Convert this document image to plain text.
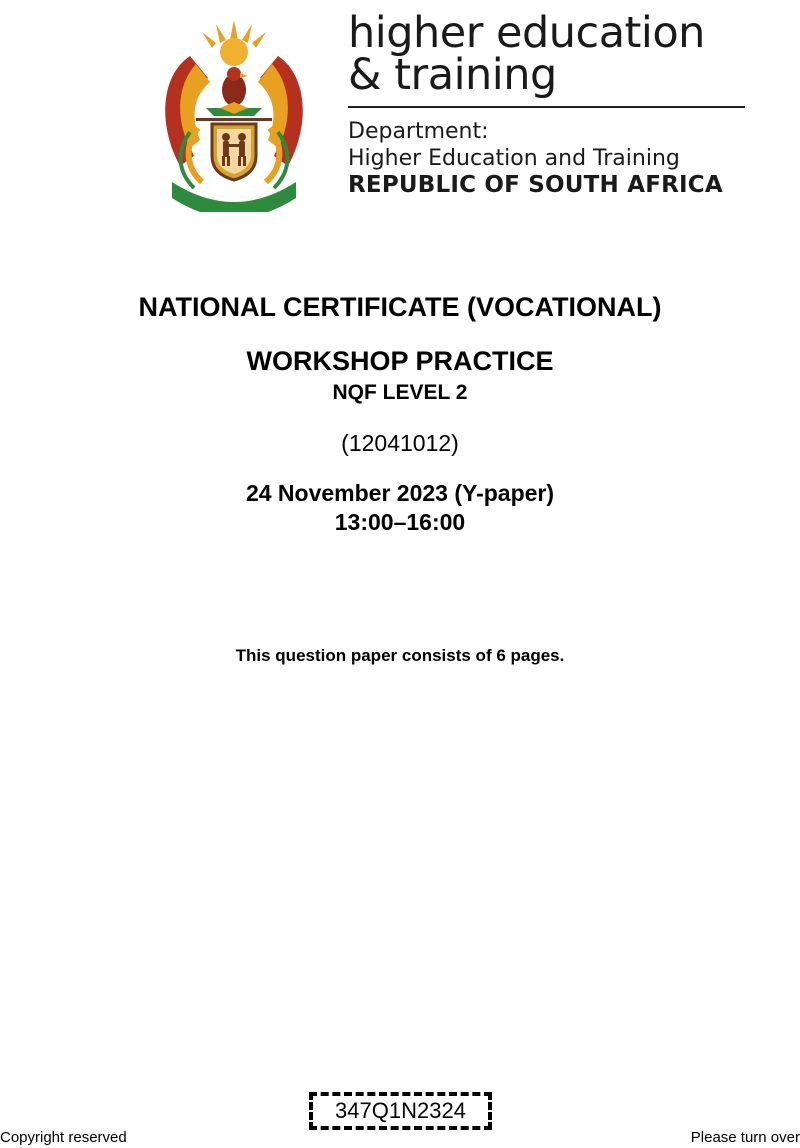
!KE E: /XARRA //KE
higher education
& training
Department:
Higher Education and Training
REPUBLIC OF SOUTH AFRICA
NATIONAL CERTIFICATE (VOCATIONAL)
WORKSHOP PRACTICE
NQF LEVEL 2
(12041012)
24 November 2023 (Y-paper)
13:00–16:00
This question paper consists of 6 pages.
347Q1N2324
Copyright reserved	Please turn over
